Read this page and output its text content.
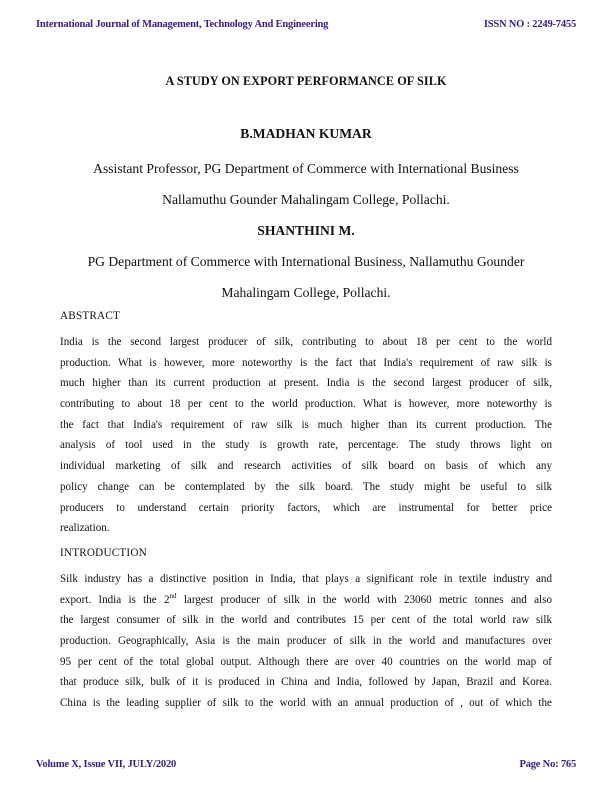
International Journal of Management, Technology And Engineering	ISSN NO : 2249-7455
A STUDY ON EXPORT PERFORMANCE OF SILK
B.MADHAN KUMAR
Assistant Professor, PG Department of Commerce with International Business
Nallamuthu Gounder Mahalingam College, Pollachi.
SHANTHINI M.
PG Department of Commerce with International Business, Nallamuthu Gounder
Mahalingam College, Pollachi.
ABSTRACT
India is the second largest producer of silk, contributing to about 18 per cent to the world
production. What is however, more noteworthy is the fact that India's requirement of raw silk is
much higher than its current production at present. India is the second largest producer of silk,
contributing to about 18 per cent to the world production. What is however, more noteworthy is
the fact that India's requirement of raw silk is much higher than its current production. The
analysis of tool used in the study is growth rate, percentage. The study throws light on
individual marketing of silk and research activities of silk board on basis of which any
policy change can be contemplated by the silk board. The study might be useful to silk
producers to understand certain priority factors, which are instrumental for better price
realization.
INTRODUCTION
Silk industry has a distinctive position in India, that plays a significant role in textile industry and
export. India is the 2nd largest producer of silk in the world with 23060 metric tonnes and also
the largest consumer of silk in the world and contributes 15 per cent of the total world raw silk
production. Geographically, Asia is the main producer of silk in the world and manufactures over
95 per cent of the total global output. Although there are over 40 countries on the world map of
that produce silk, bulk of it is produced in China and India, followed by Japan, Brazil and Korea.
China is the leading supplier of silk to the world with an annual production of , out of which the
Volume X, Issue VII, JULY/2020	Page No: 765
